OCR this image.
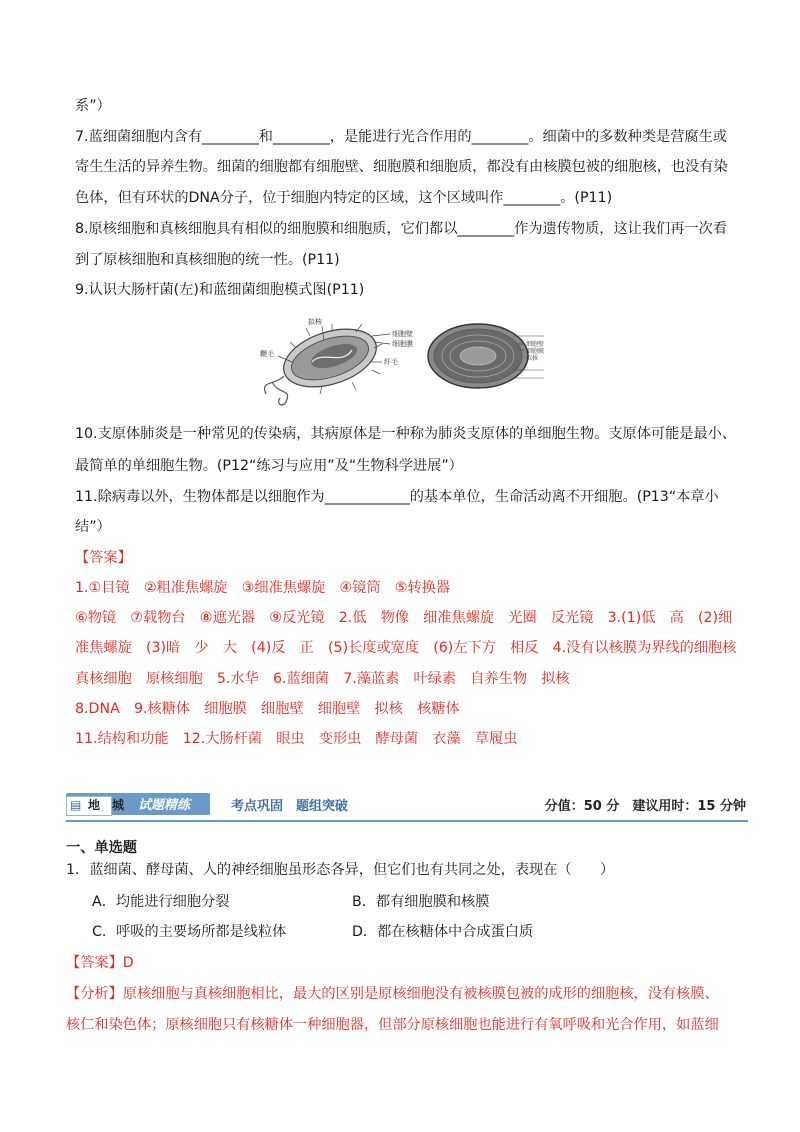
系”）
7.蓝细菌细胞内含有________和________，是能进行光合作用的________。细菌中的多数种类是营腐生或
寄生生活的异养生物。细菌的细胞都有细胞壁、细胞膜和细胞质，都没有由核膜包被的细胞核，也没有染
色体，但有环状的DNA分子，位于细胞内特定的区域，这个区域叫作________。(P11)
8.原核细胞和真核细胞具有相似的细胞膜和细胞质，它们都以________作为遗传物质，这让我们再一次看
到了原核细胞和真核细胞的统一性。(P11)
9.认识大肠杆菌(左)和蓝细菌细胞模式图(P11)
拟核
细胞壁
细胞膜
鞭毛
纤毛
细胞壁
细胞膜
拟核
10.支原体肺炎是一种常见的传染病，其病原体是一种称为肺炎支原体的单细胞生物。支原体可能是最小、
最简单的单细胞生物。(P12“练习与应用”及“生物科学进展”）
11.除病毒以外，生物体都是以细胞作为____________的基本单位，生命活动离不开细胞。(P13“本章小
结”）
【答案】
1.①目镜　②粗准焦螺旋　③细准焦螺旋　④镜筒　⑤转换器
⑥物镜　⑦载物台　⑧遮光器　⑨反光镜　2.低　物像　细准焦螺旋　光圈　反光镜　3.(1)低　高　(2)细
准焦螺旋　(3)暗　少　大　(4)反　正　(5)长度或宽度　(6)左下方　相反　4.没有以核膜为界线的细胞核
真核细胞　原核细胞　5.水华　6.蓝细菌　7.藻蓝素　叶绿素　自养生物　拟核
8.DNA　9.核糖体　细胞膜　细胞壁　细胞壁　拟核　核糖体
11.结构和功能　12.大肠杆菌　眼虫　变形虫　酵母菌　衣藻　草履虫
▤ 地　城 试题精练	考点巩固　题组突破	分值：50 分　建议用时：15 分钟
一、单选题
1．蓝细菌、酵母菌、人的神经细胞虽形态各异，但它们也有共同之处，表现在（　　）
A．均能进行细胞分裂	B．都有细胞膜和核膜
C．呼吸的主要场所都是线粒体	D．都在核糖体中合成蛋白质
【答案】D
【分析】原核细胞与真核细胞相比，最大的区别是原核细胞没有被核膜包被的成形的细胞核，没有核膜、
核仁和染色体；原核细胞只有核糖体一种细胞器，但部分原核细胞也能进行有氧呼吸和光合作用，如蓝细
